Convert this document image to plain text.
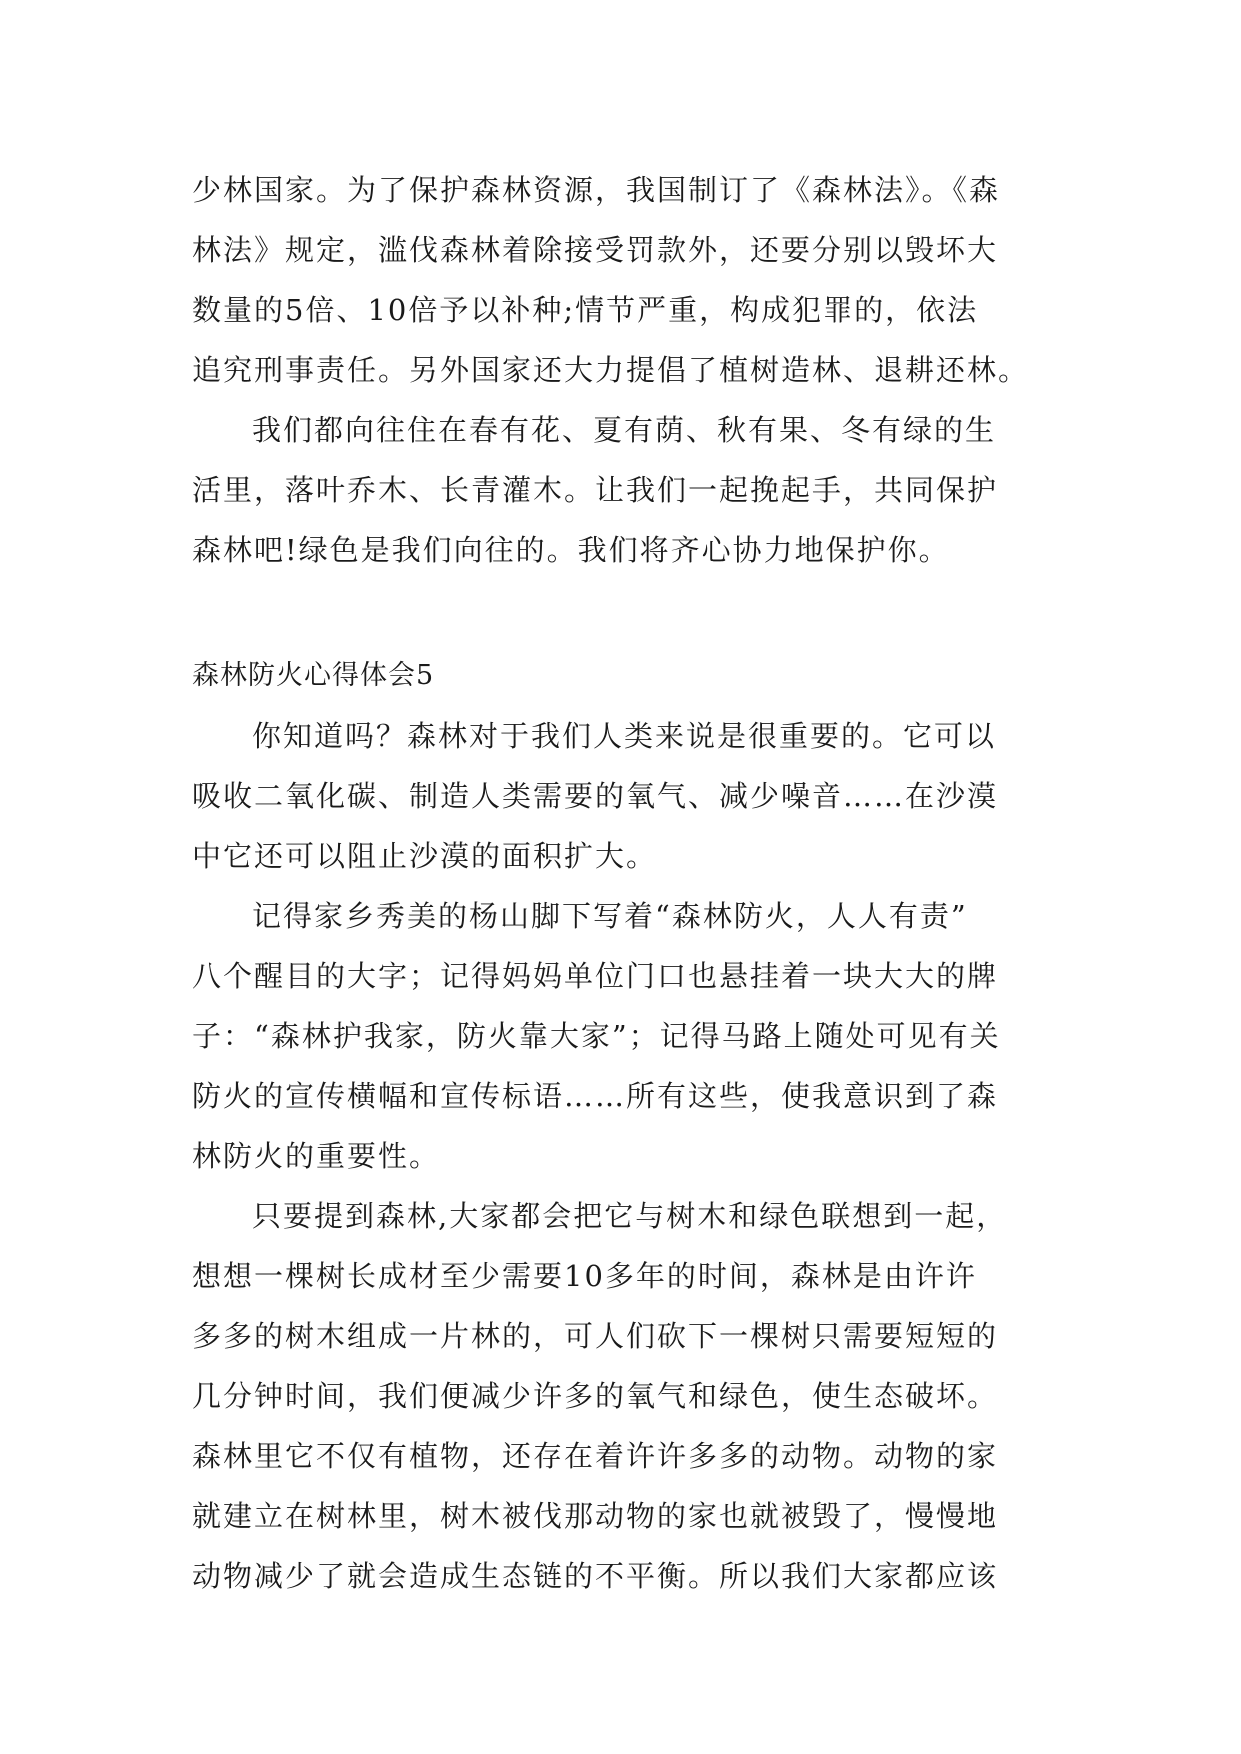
少林国家。为了保护森林资源，我国制订了《森林法》。《森
林法》规定，滥伐森林着除接受罚款外，还要分别以毁坏大
数量的5倍、10倍予以补种;情节严重，构成犯罪的，依法
追究刑事责任。另外国家还大力提倡了植树造林、退耕还林。
我们都向往住在春有花、夏有荫、秋有果、冬有绿的生
活里，落叶乔木、长青灌木。让我们一起挽起手，共同保护
森林吧!绿色是我们向往的。我们将齐心协力地保护你。
森林防火心得体会5
你知道吗？森林对于我们人类来说是很重要的。它可以
吸收二氧化碳、制造人类需要的氧气、减少噪音……在沙漠
中它还可以阻止沙漠的面积扩大。
记得家乡秀美的杨山脚下写着“森林防火，人人有责”
八个醒目的大字；记得妈妈单位门口也悬挂着一块大大的牌
子：“森林护我家，防火靠大家”；记得马路上随处可见有关
防火的宣传横幅和宣传标语……所有这些，使我意识到了森
林防火的重要性。
只要提到森林,大家都会把它与树木和绿色联想到一起，
想想一棵树长成材至少需要10多年的时间，森林是由许许
多多的树木组成一片林的，可人们砍下一棵树只需要短短的
几分钟时间，我们便减少许多的氧气和绿色，使生态破坏。
森林里它不仅有植物，还存在着许许多多的动物。动物的家
就建立在树林里，树木被伐那动物的家也就被毁了，慢慢地
动物减少了就会造成生态链的不平衡。所以我们大家都应该
